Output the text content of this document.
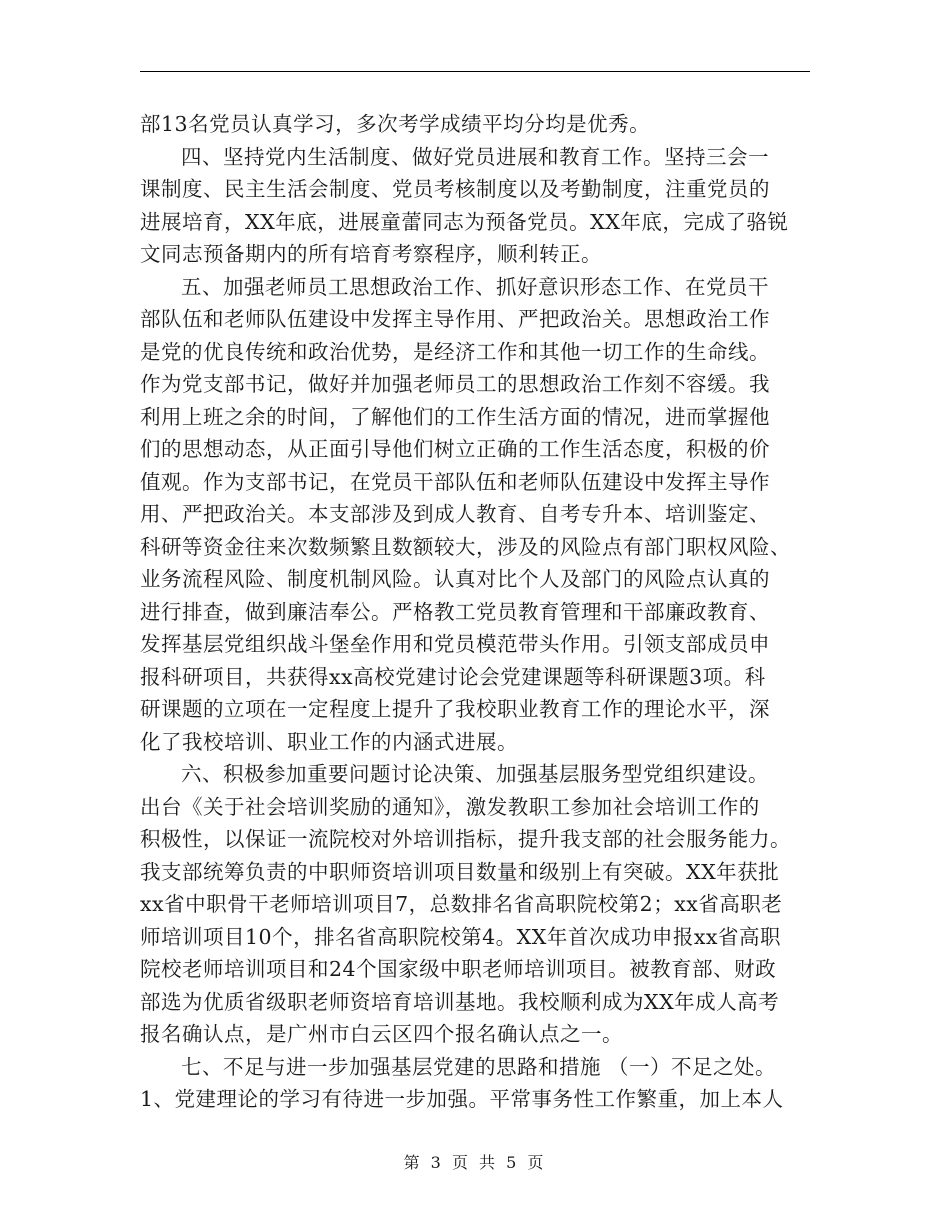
部13名党员认真学习，多次考学成绩平均分均是优秀。
四、坚持党内生活制度、做好党员进展和教育工作。坚持三会一
课制度、民主生活会制度、党员考核制度以及考勤制度，注重党员的
进展培育，XX年底，进展童蕾同志为预备党员。XX年底，完成了骆锐
文同志预备期内的所有培育考察程序，顺利转正。
五、加强老师员工思想政治工作、抓好意识形态工作、在党员干
部队伍和老师队伍建设中发挥主导作用、严把政治关。思想政治工作
是党的优良传统和政治优势，是经济工作和其他一切工作的生命线。
作为党支部书记，做好并加强老师员工的思想政治工作刻不容缓。我
利用上班之余的时间，了解他们的工作生活方面的情况，进而掌握他
们的思想动态，从正面引导他们树立正确的工作生活态度，积极的价
值观。作为支部书记，在党员干部队伍和老师队伍建设中发挥主导作
用、严把政治关。本支部涉及到成人教育、自考专升本、培训鉴定、
科研等资金往来次数频繁且数额较大，涉及的风险点有部门职权风险、
业务流程风险、制度机制风险。认真对比个人及部门的风险点认真的
进行排查，做到廉洁奉公。严格教工党员教育管理和干部廉政教育、
发挥基层党组织战斗堡垒作用和党员模范带头作用。引领支部成员申
报科研项目，共获得xx高校党建讨论会党建课题等科研课题3项。科
研课题的立项在一定程度上提升了我校职业教育工作的理论水平，深
化了我校培训、职业工作的内涵式进展。
六、积极参加重要问题讨论决策、加强基层服务型党组织建设。
出台《关于社会培训奖励的通知》，激发教职工参加社会培训工作的
积极性，以保证一流院校对外培训指标，提升我支部的社会服务能力。
我支部统筹负责的中职师资培训项目数量和级别上有突破。XX年获批
xx省中职骨干老师培训项目7，总数排名省高职院校第2；xx省高职老
师培训项目10个，排名省高职院校第4。XX年首次成功申报xx省高职
院校老师培训项目和24个国家级中职老师培训项目。被教育部、财政
部选为优质省级职老师资培育培训基地。我校顺利成为XX年成人高考
报名确认点，是广州市白云区四个报名确认点之一。
七、不足与进一步加强基层党建的思路和措施 （一）不足之处。
1、党建理论的学习有待进一步加强。平常事务性工作繁重，加上本人
第 3 页 共 5 页
